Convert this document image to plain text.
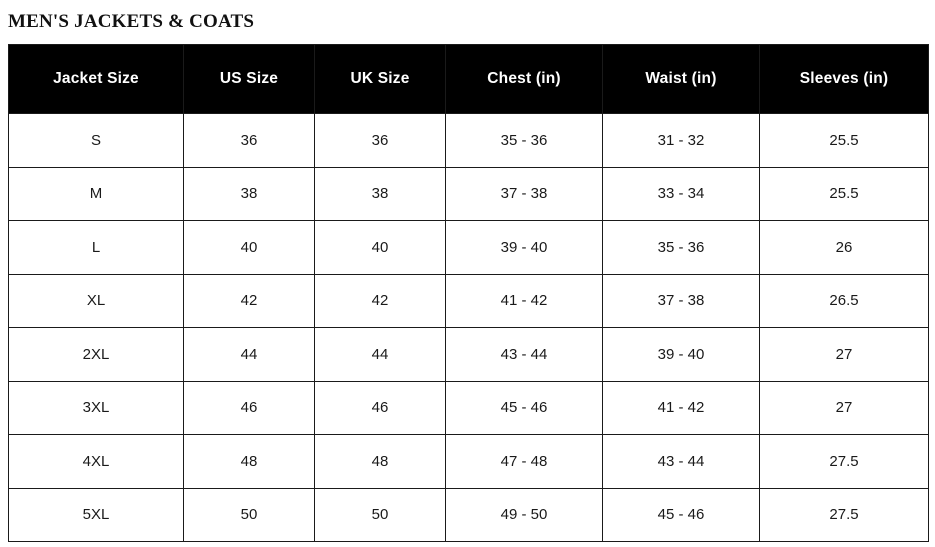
MEN'S JACKETS & COATS
Jacket Size	US Size	UK Size	Chest (in)	Waist (in)	Sleeves (in)
S	36	36	35 - 36	31 - 32	25.5
M	38	38	37 - 38	33 - 34	25.5
L	40	40	39 - 40	35 - 36	26
XL	42	42	41 - 42	37 - 38	26.5
2XL	44	44	43 - 44	39 - 40	27
3XL	46	46	45 - 46	41 - 42	27
4XL	48	48	47 - 48	43 - 44	27.5
5XL	50	50	49 - 50	45 - 46	27.5
